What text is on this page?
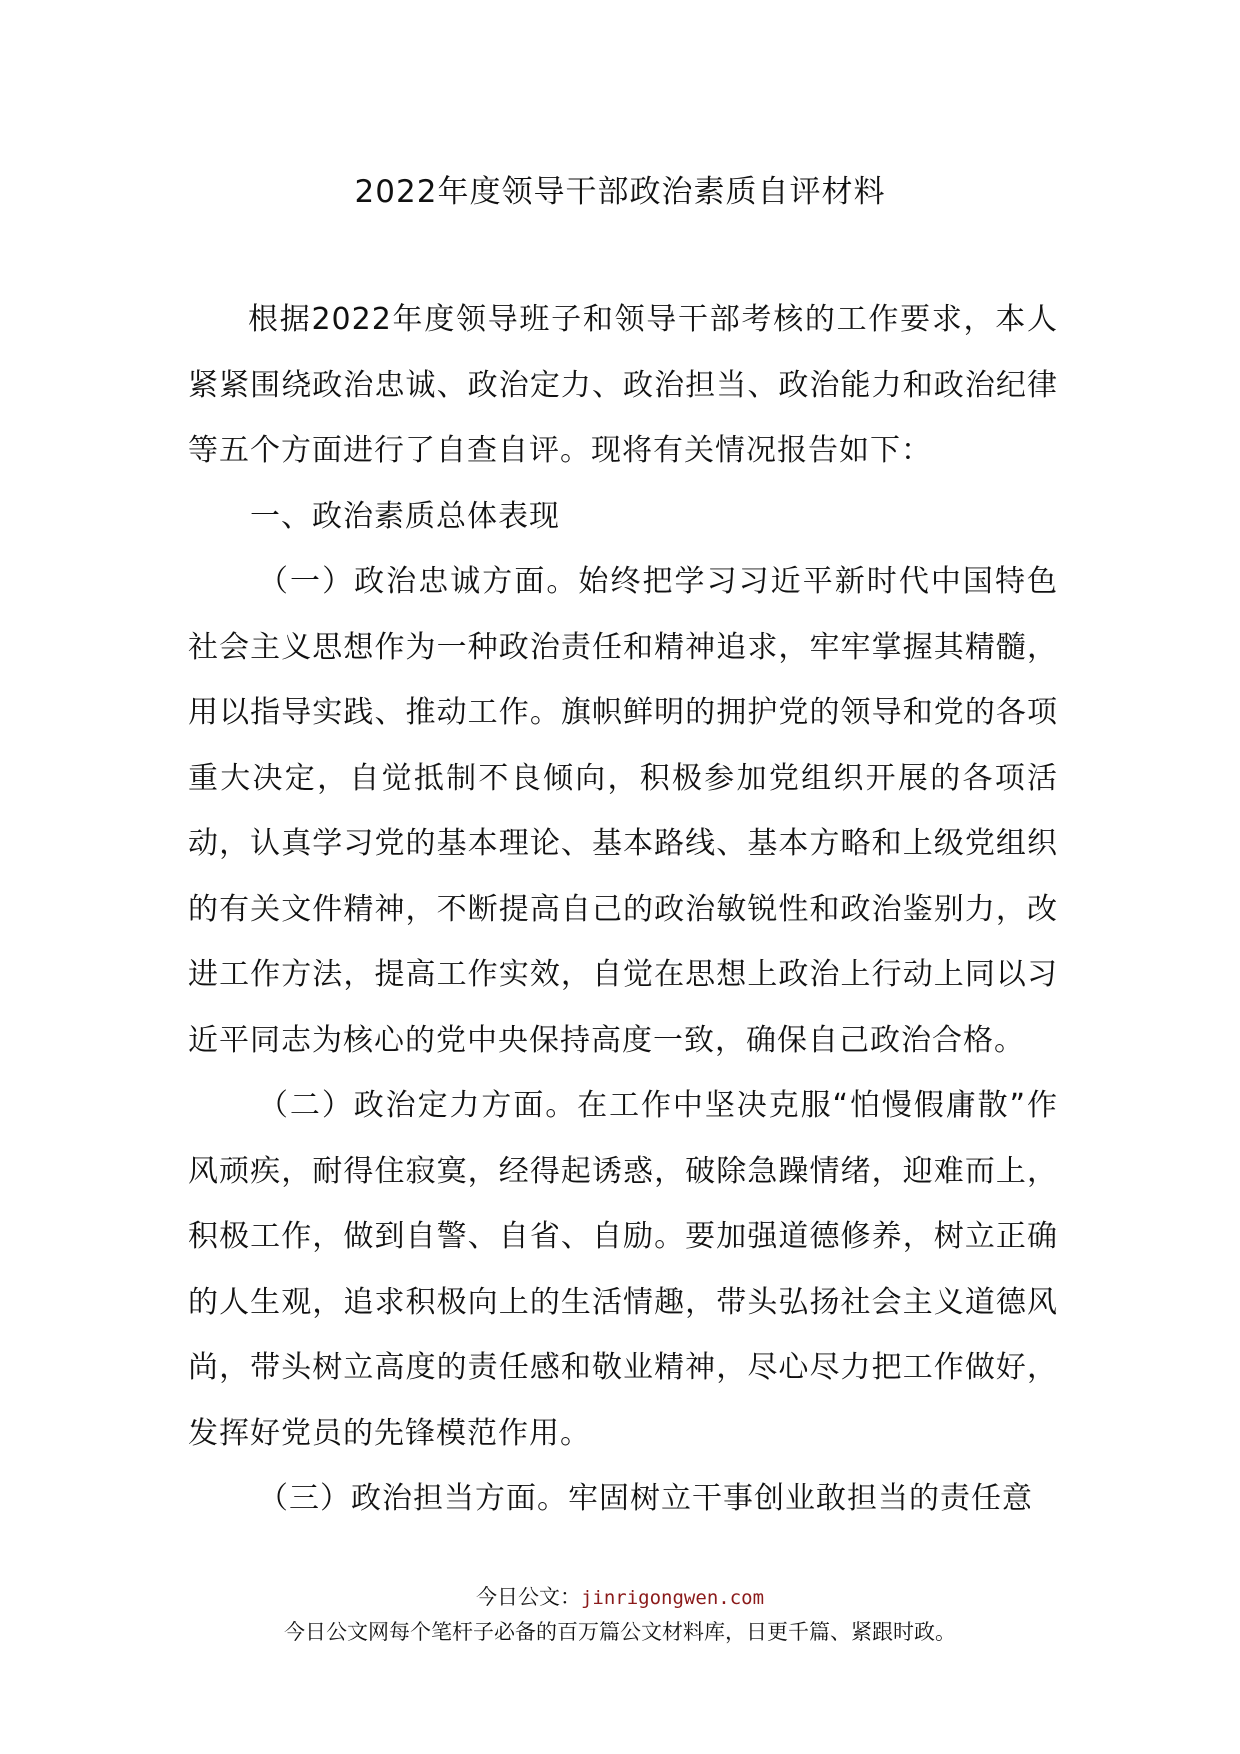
2022年度领导干部政治素质自评材料

根据2022年度领导班子和领导干部考核的工作要求，本人紧紧围绕政治忠诚、政治定力、政治担当、政治能力和政治纪律等五个方面进行了自查自评。现将有关情况报告如下：

一、政治素质总体表现

（一）政治忠诚方面。始终把学习习近平新时代中国特色社会主义思想作为一种政治责任和精神追求，牢牢掌握其精髓，用以指导实践、推动工作。旗帜鲜明的拥护党的领导和党的各项重大决定，自觉抵制不良倾向，积极参加党组织开展的各项活动，认真学习党的基本理论、基本路线、基本方略和上级党组织的有关文件精神，不断提高自己的政治敏锐性和政治鉴别力，改进工作方法，提高工作实效，自觉在思想上政治上行动上同以习近平同志为核心的党中央保持高度一致，确保自己政治合格。

（二）政治定力方面。在工作中坚决克服“怕慢假庸散”作风顽疾，耐得住寂寞，经得起诱惑，破除急躁情绪，迎难而上，积极工作，做到自警、自省、自励。要加强道德修养，树立正确的人生观，追求积极向上的生活情趣，带头弘扬社会主义道德风尚，带头树立高度的责任感和敬业精神，尽心尽力把工作做好，发挥好党员的先锋模范作用。

（三）政治担当方面。牢固树立干事创业敢担当的责任意

今日公文：jinrigongwen.com
今日公文网每个笔杆子必备的百万篇公文材料库，日更千篇、紧跟时政。
